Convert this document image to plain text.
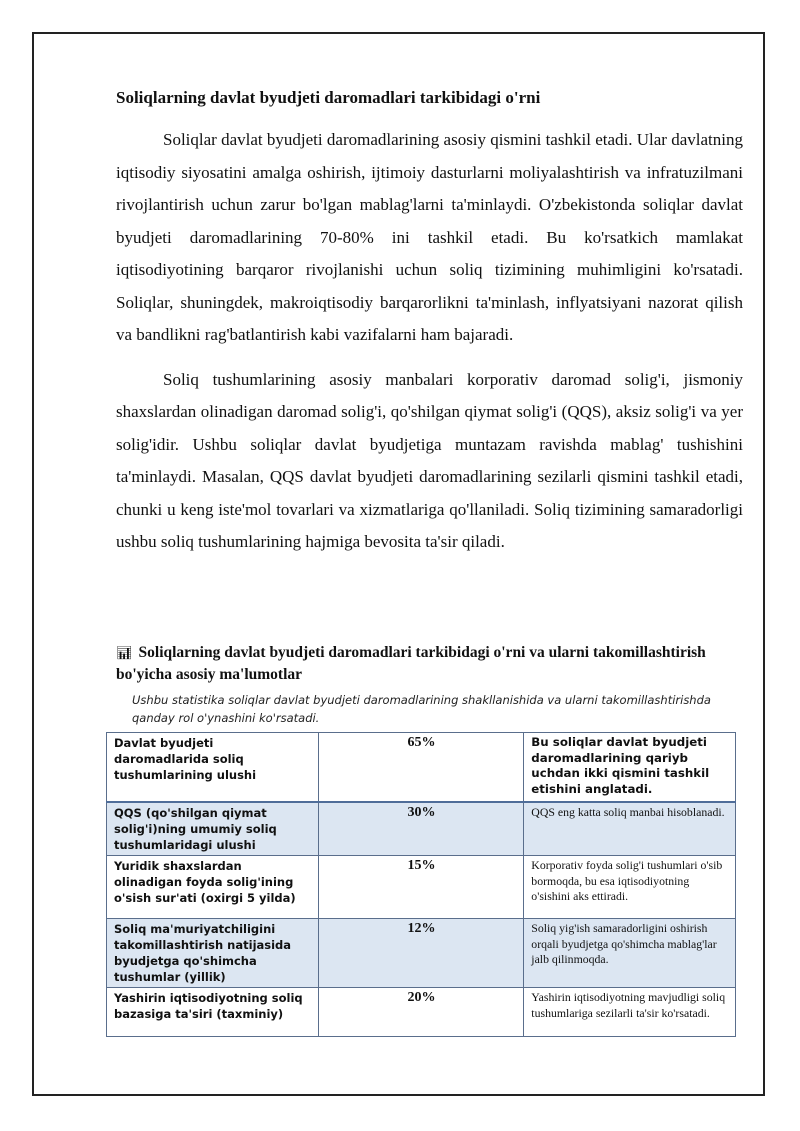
Soliqlarning davlat byudjeti daromadlari tarkibidagi o'rni

Soliqlar davlat byudjeti daromadlarining asosiy qismini tashkil etadi. Ular davlatning iqtisodiy siyosatini amalga oshirish, ijtimoiy dasturlarni moliyalashtirish va infratuzilmani rivojlantirish uchun zarur bo'lgan mablag'larni ta'minlaydi. O'zbekistonda soliqlar davlat byudjeti daromadlarining 70-80% ini tashkil etadi. Bu ko'rsatkich mamlakat iqtisodiyotining barqaror rivojlanishi uchun soliq tizimining muhimligini ko'rsatadi. Soliqlar, shuningdek, makroiqtisodiy barqarorlikni ta'minlash, inflyatsiyani nazorat qilish va bandlikni rag'batlantirish kabi vazifalarni ham bajaradi.

Soliq tushumlarining asosiy manbalari korporativ daromad solig'i, jismoniy shaxslardan olinadigan daromad solig'i, qo'shilgan qiymat solig'i (QQS), aksiz solig'i va yer solig'idir. Ushbu soliqlar davlat byudjetiga muntazam ravishda mablag' tushishini ta'minlaydi. Masalan, QQS davlat byudjeti daromadlarining sezilarli qismini tashkil etadi, chunki u keng iste'mol tovarlari va xizmatlariga qo'llaniladi. Soliq tizimining samaradorligi ushbu soliq tushumlarining hajmiga bevosita ta'sir qiladi.

📊︎ Soliqlarning davlat byudjeti daromadlari tarkibidagi o'rni va ularni takomillashtirish bo'yicha asosiy ma'lumotlar
Ushbu statistika soliqlar davlat byudjeti daromadlarining shakllanishida va ularni takomillashtirishda qanday rol o'ynashini ko'rsatadi.
Davlat byudjeti daromadlarida soliq tushumlarining ulushi	65%	Bu soliqlar davlat byudjeti daromadlarining qariyb uchdan ikki qismini tashkil etishini anglatadi.
QQS (qo'shilgan qiymat solig'i)ning umumiy soliq tushumlaridagi ulushi	30%	QQS eng katta soliq manbai hisoblanadi.
Yuridik shaxslardan olinadigan foyda solig'ining o'sish sur'ati (oxirgi 5 yilda)	15%	Korporativ foyda solig'i tushumlari o'sib bormoqda, bu esa iqtisodiyotning o'sishini aks ettiradi.
Soliq ma'muriyatchiligini takomillashtirish natijasida byudjetga qo'shimcha tushumlar (yillik)	12%	Soliq yig'ish samaradorligini oshirish orqali byudjetga qo'shimcha mablag'lar jalb qilinmoqda.
Yashirin iqtisodiyotning soliq bazasiga ta'siri (taxminiy)	20%	Yashirin iqtisodiyotning mavjudligi soliq tushumlariga sezilarli ta'sir ko'rsatadi.
